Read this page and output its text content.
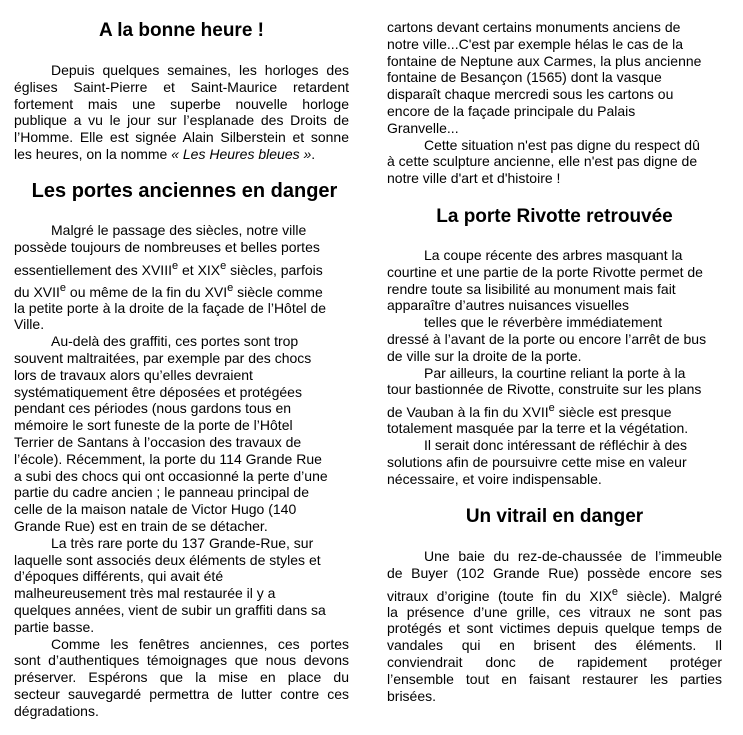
A la bonne heure !
Depuis quelques semaines, les horloges des
églises Saint-Pierre et Saint-Maurice retardent
fortement mais une superbe nouvelle horloge
publique a vu le jour sur l’esplanade des Droits de
l’Homme. Elle est signée Alain Silberstein et sonne
les heures, on la nomme « Les Heures bleues ».
Les portes anciennes en danger
Malgré le passage des siècles, notre ville
possède toujours de nombreuses et belles portes
essentiellement des XVIIIe et XIXe siècles, parfois
du XVIIe ou même de la fin du XVIe siècle comme
la petite porte à la droite de la façade de l’Hôtel de
Ville.
Au-delà des graffiti, ces portes sont trop
souvent maltraitées, par exemple par des chocs
lors de travaux alors qu’elles devraient
systématiquement être déposées et protégées
pendant ces périodes (nous gardons tous en
mémoire le sort funeste de la porte de l’Hôtel
Terrier de Santans à l’occasion des travaux de
l’école). Récemment, la porte du 114 Grande Rue
a subi des chocs qui ont occasionné la perte d’une
partie du cadre ancien ; le panneau principal de
celle de la maison natale de Victor Hugo (140
Grande Rue) est en train de se détacher.
La très rare porte du 137 Grande-Rue, sur
laquelle sont associés deux éléments de styles et
d’époques différents, qui avait été
malheureusement très mal restaurée il y a
quelques années, vient de subir un graffiti dans sa
partie basse.
Comme les fenêtres anciennes, ces portes
sont d’authentiques témoignages que nous devons
préserver. Espérons que la mise en place du
secteur sauvegardé permettra de lutter contre ces
dégradations.
cartons devant certains monuments anciens de
notre ville...C'est par exemple hélas le cas de la
fontaine de Neptune aux Carmes, la plus ancienne
fontaine de Besançon (1565) dont la vasque
disparaît chaque mercredi sous les cartons ou
encore de la façade principale du Palais
Granvelle...
Cette situation n'est pas digne du respect dû
à cette sculpture ancienne, elle n'est pas digne de
notre ville d'art et d'histoire !
La porte Rivotte retrouvée
La coupe récente des arbres masquant la
courtine et une partie de la porte Rivotte permet de
rendre toute sa lisibilité au monument mais fait
apparaître d’autres nuisances visuelles
telles que le réverbère immédiatement
dressé à l’avant de la porte ou encore l’arrêt de bus
de ville sur la droite de la porte.
Par ailleurs, la courtine reliant la porte à la
tour bastionnée de Rivotte, construite sur les plans
de Vauban à la fin du XVIIe siècle est presque
totalement masquée par la terre et la végétation.
Il serait donc intéressant de réfléchir à des
solutions afin de poursuivre cette mise en valeur
nécessaire, et voire indispensable.
Un vitrail en danger
Une baie du rez-de-chaussée de l’immeuble
de Buyer (102 Grande Rue) possède encore ses
vitraux d’origine (toute fin du XIXe siècle). Malgré
la présence d’une grille, ces vitraux ne sont pas
protégés et sont victimes depuis quelque temps de
vandales qui en brisent des éléments. Il
conviendrait donc de rapidement protéger
l’ensemble tout en faisant restaurer les parties
brisées.
